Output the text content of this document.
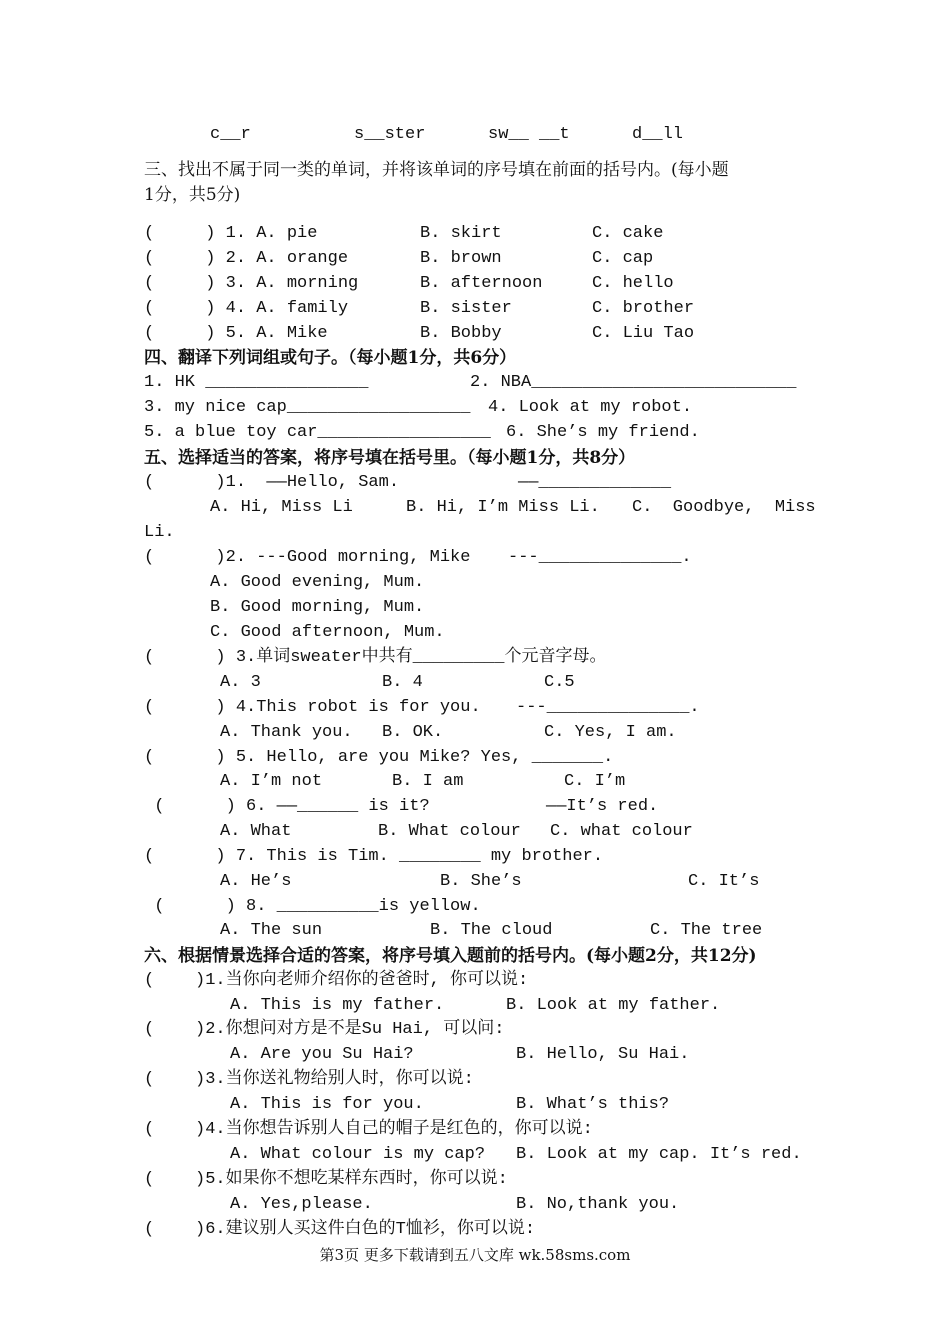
c__r	s__ster	sw__ __t	d__ll
三、找出不属于同一类的单词，并将该单词的序号填在前面的括号内。(每小题
1分，共5分)
(     ) 1. A. pie	B. skirt	C. cake
(     ) 2. A. orange	B. brown	C. cap
(     ) 3. A. morning	B. afternoon	C. hello
(     ) 4. A. family	B. sister	C. brother
(     ) 5. A. Mike	B. Bobby	C. Liu Tao
四、翻译下列词组或句子。（每小题1分，共6分）
1. HK ________________	2. NBA__________________________
3. my nice cap__________________ 4. Look at my robot.
5. a blue toy car_________________ 6. She’s my friend.
五、选择适当的答案，将序号填在括号里。（每小题1分，共8分）
(      )1.  ——Hello, Sam.	——_____________
A. Hi, Miss Li	B. Hi, I’m Miss Li. C.  Goodbye,  Miss
Li.
(      )2. ---Good morning, Mike ---______________.
A. Good evening, Mum.
B. Good morning, Mum.
C. Good afternoon, Mum.
(      ) 3.单词sweater中共有_________个元音字母。
A. 3	B. 4	C.5
(      ) 4.This robot is for you. ---______________.
A. Thank you. B. OK.	C. Yes, I am.
(      ) 5. Hello, are you Mike? Yes, _______.
A. I’m not	B. I am	C. I’m
(      ) 6. ——______ is it?	——It’s red.
A. What	B. What colour C. what colour
(      ) 7. This is Tim. ________ my brother.
A. He’s	B. She’s	C. It’s
(      ) 8. __________is yellow.
A. The sun	B. The cloud	C. The tree
六、根据情景选择合适的答案，将序号填入题前的括号内。(每小题2分，共12分)
(    )1.当你向老师介绍你的爸爸时, 你可以说:
A. This is my father.	B. Look at my father.
(    )2.你想问对方是不是Su Hai, 可以问:
A. Are you Su Hai?	B. Hello, Su Hai.
(    )3.当你送礼物给别人时，你可以说:
A. This is for you.	B. What’s this?
(    )4.当你想告诉别人自己的帽子是红色的，你可以说:
A. What colour is my cap? B. Look at my cap. It’s red.
(    )5.如果你不想吃某样东西时，你可以说:
A. Yes,please.	B. No,thank you.
(    )6.建议别人买这件白色的T恤衫，你可以说:
第3页 更多下载请到五八文库 wk.58sms.com
